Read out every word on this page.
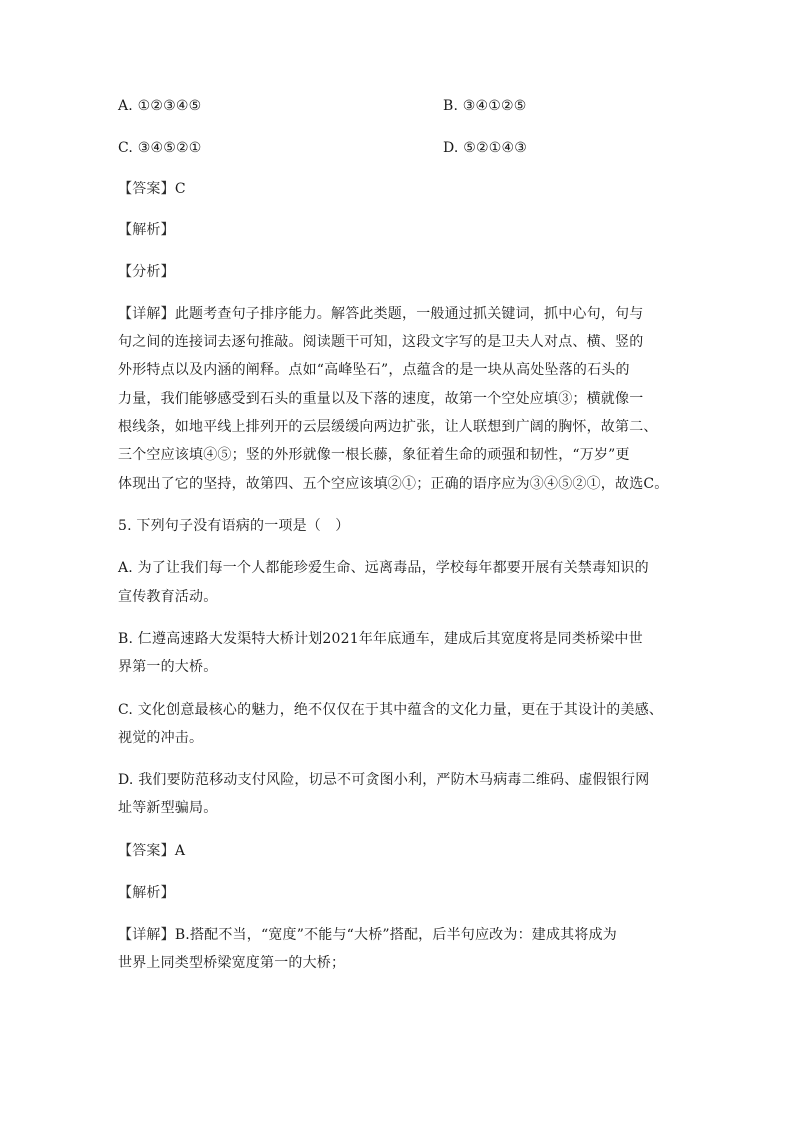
A. ①②③④⑤	B. ③④①②⑤
C. ③④⑤②①	D. ⑤②①④③
【答案】C
【解析】
【分析】
【详解】此题考查句子排序能力。解答此类题，一般通过抓关键词，抓中心句，句与
句之间的连接词去逐句推敲。阅读题干可知，这段文字写的是卫夫人对点、横、竖的
外形特点以及内涵的阐释。点如“高峰坠石”，点蕴含的是一块从高处坠落的石头的
力量，我们能够感受到石头的重量以及下落的速度，故第一个空处应填③；横就像一
根线条，如地平线上排列开的云层缓缓向两边扩张，让人联想到广阔的胸怀，故第二、
三个空应该填④⑤；竖的外形就像一根长藤，象征着生命的顽强和韧性，“万岁”更
体现出了它的坚持，故第四、五个空应该填②①；正确的语序应为③④⑤②①，故选C。
5. 下列句子没有语病的一项是（　）
A. 为了让我们每一个人都能珍爱生命、远离毒品，学校每年都要开展有关禁毒知识的
宣传教育活动。
B. 仁遵高速路大发渠特大桥计划2021年年底通车，建成后其宽度将是同类桥梁中世
界第一的大桥。
C. 文化创意最核心的魅力，绝不仅仅在于其中蕴含的文化力量，更在于其设计的美感、
视觉的冲击。
D. 我们要防范移动支付风险，切忌不可贪图小利，严防木马病毒二维码、虚假银行网
址等新型骗局。
【答案】A
【解析】
【详解】B.搭配不当，“宽度”不能与“大桥”搭配，后半句应改为：建成其将成为
世界上同类型桥梁宽度第一的大桥；
